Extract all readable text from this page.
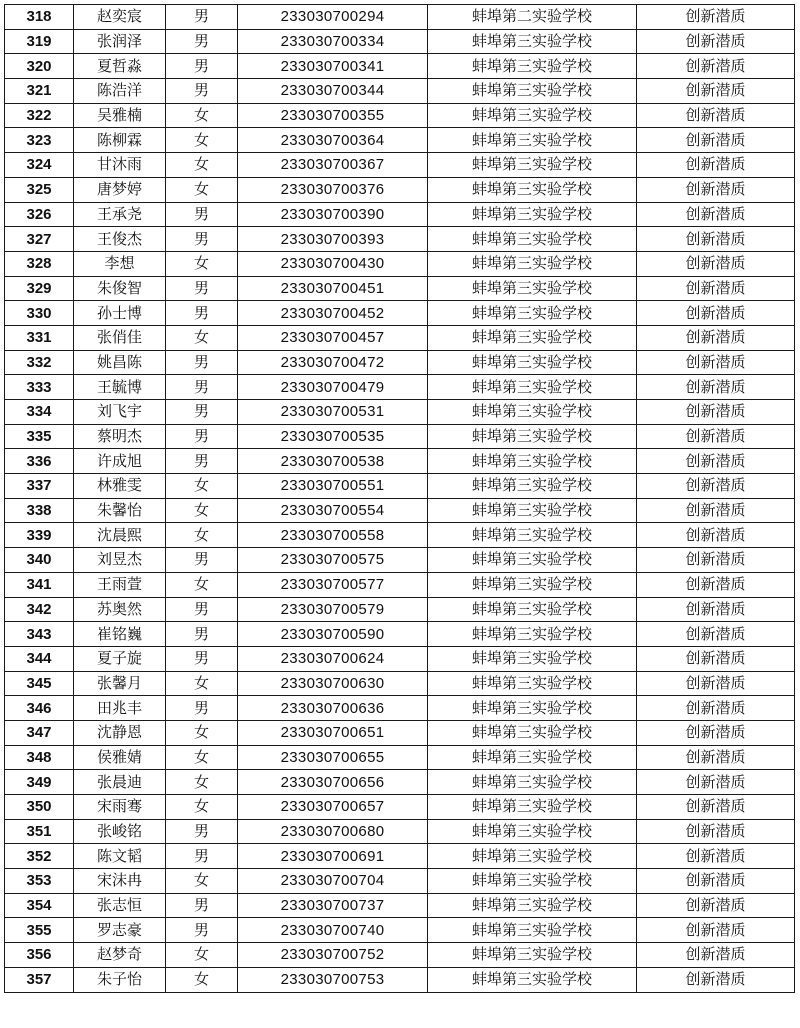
318	赵奕宸	男	233030700294	蚌埠第二实验学校	创新潜质
319	张润泽	男	233030700334	蚌埠第三实验学校	创新潜质
320	夏哲淼	男	233030700341	蚌埠第三实验学校	创新潜质
321	陈浩洋	男	233030700344	蚌埠第三实验学校	创新潜质
322	吴雅楠	女	233030700355	蚌埠第三实验学校	创新潜质
323	陈柳霖	女	233030700364	蚌埠第三实验学校	创新潜质
324	甘沐雨	女	233030700367	蚌埠第三实验学校	创新潜质
325	唐梦婷	女	233030700376	蚌埠第三实验学校	创新潜质
326	王承尧	男	233030700390	蚌埠第三实验学校	创新潜质
327	王俊杰	男	233030700393	蚌埠第三实验学校	创新潜质
328	李想	女	233030700430	蚌埠第三实验学校	创新潜质
329	朱俊智	男	233030700451	蚌埠第三实验学校	创新潜质
330	孙士博	男	233030700452	蚌埠第三实验学校	创新潜质
331	张俏佳	女	233030700457	蚌埠第三实验学校	创新潜质
332	姚昌陈	男	233030700472	蚌埠第三实验学校	创新潜质
333	王毓博	男	233030700479	蚌埠第三实验学校	创新潜质
334	刘飞宇	男	233030700531	蚌埠第三实验学校	创新潜质
335	蔡明杰	男	233030700535	蚌埠第三实验学校	创新潜质
336	许成旭	男	233030700538	蚌埠第三实验学校	创新潜质
337	林雅雯	女	233030700551	蚌埠第三实验学校	创新潜质
338	朱馨怡	女	233030700554	蚌埠第三实验学校	创新潜质
339	沈晨熙	女	233030700558	蚌埠第三实验学校	创新潜质
340	刘昱杰	男	233030700575	蚌埠第三实验学校	创新潜质
341	王雨萱	女	233030700577	蚌埠第三实验学校	创新潜质
342	苏奥然	男	233030700579	蚌埠第三实验学校	创新潜质
343	崔铭巍	男	233030700590	蚌埠第三实验学校	创新潜质
344	夏子旋	男	233030700624	蚌埠第三实验学校	创新潜质
345	张馨月	女	233030700630	蚌埠第三实验学校	创新潜质
346	田兆丰	男	233030700636	蚌埠第三实验学校	创新潜质
347	沈静恩	女	233030700651	蚌埠第三实验学校	创新潜质
348	侯雅婧	女	233030700655	蚌埠第三实验学校	创新潜质
349	张晨迪	女	233030700656	蚌埠第三实验学校	创新潜质
350	宋雨骞	女	233030700657	蚌埠第三实验学校	创新潜质
351	张峻铭	男	233030700680	蚌埠第三实验学校	创新潜质
352	陈文韬	男	233030700691	蚌埠第三实验学校	创新潜质
353	宋沫冉	女	233030700704	蚌埠第三实验学校	创新潜质
354	张志恒	男	233030700737	蚌埠第三实验学校	创新潜质
355	罗志豪	男	233030700740	蚌埠第三实验学校	创新潜质
356	赵梦奇	女	233030700752	蚌埠第三实验学校	创新潜质
357	朱子怡	女	233030700753	蚌埠第三实验学校	创新潜质
